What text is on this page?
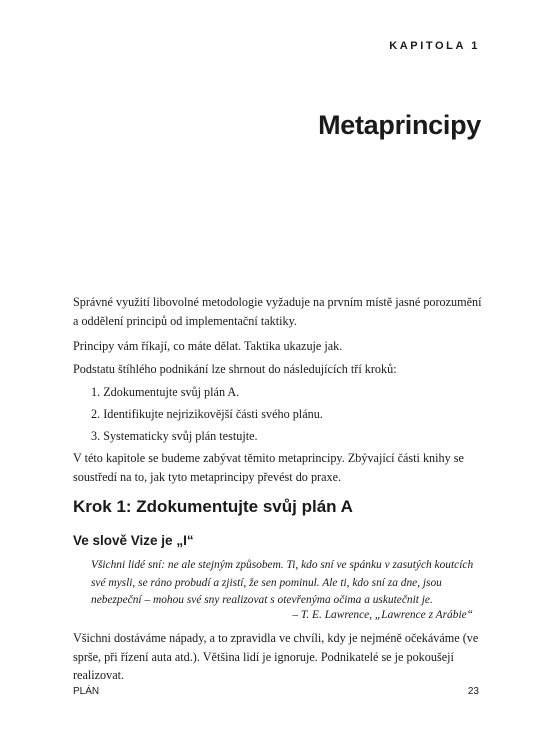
KAPITOLA 1
Metaprincipy

Správné využití libovolné metodologie vyžaduje na prvním místě jasné porozumění a oddělení principů od implementační taktiky.

Principy vám říkají, co máte dělat. Taktika ukazuje jak.

Podstatu štíhlého podnikání lze shrnout do následujících tří kroků:

1. Zdokumentujte svůj plán A.

2. Identifikujte nejrizikovější části svého plánu.

3. Systematicky svůj plán testujte.

V této kapitole se budeme zabývat těmito metaprincipy. Zbývající části knihy se soustředí na to, jak tyto metaprincipy převést do praxe.

Krok 1: Zdokumentujte svůj plán A
Ve slově Vize je „I“

Všichni lidé sní: ne ale stejným způsobem. Ti, kdo sní ve spánku v zasutých koutcích své mysli, se ráno probudí a zjistí, že sen pominul. Ale ti, kdo sní za dne, jsou nebezpeční – mohou své sny realizovat s otevřenýma očima a uskutečnit je.

– T. E. Lawrence, „Lawrence z Arábie“

Všichni dostáváme nápady, a to zpravidla ve chvíli, kdy je nejméně očekáváme (ve sprše, při řízení auta atd.). Většina lidí je ignoruje. Podnikatelé se je pokoušejí realizovat.

PLÁN	23
